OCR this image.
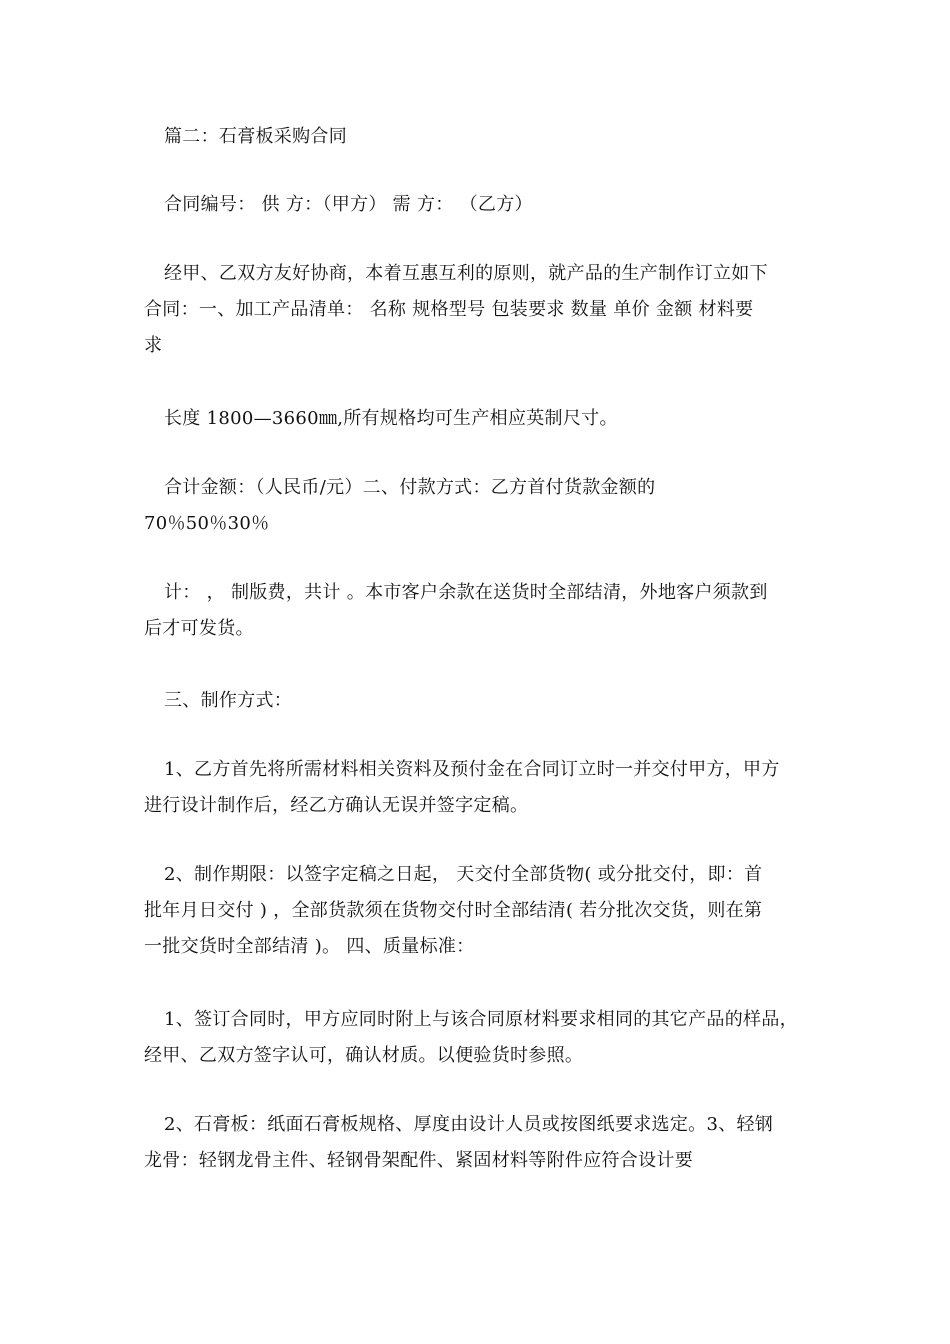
篇二：石膏板采购合同
合同编号： 供 方：（甲方） 需 方： （乙方）
经甲、乙双方友好协商，本着互惠互利的原则，就产品的生产制作订立如下
合同：一、加工产品清单： 名称 规格型号 包装要求 数量 单价 金额 材料要
求
长度 1800—3660㎜,所有规格均可生产相应英制尺寸。
合计金额：（人民币/元）二、付款方式：乙方首付货款金额的
70％50％30％
计： ， 制版费，共计 。本市客户余款在送货时全部结清，外地客户须款到
后才可发货。
三、制作方式：
1、乙方首先将所需材料相关资料及预付金在合同订立时一并交付甲方，甲方
进行设计制作后，经乙方确认无误并签字定稿。
2、制作期限：以签字定稿之日起， 天交付全部货物( 或分批交付，即：首
批年月日交付 ) ，全部货款须在货物交付时全部结清( 若分批次交货，则在第
一批交货时全部结清 )。 四、质量标准：
1、签订合同时，甲方应同时附上与该合同原材料要求相同的其它产品的样品，
经甲、乙双方签字认可，确认材质。以便验货时参照。
2、石膏板：纸面石膏板规格、厚度由设计人员或按图纸要求选定。3、轻钢
龙骨：轻钢龙骨主件、轻钢骨架配件、紧固材料等附件应符合设计要
